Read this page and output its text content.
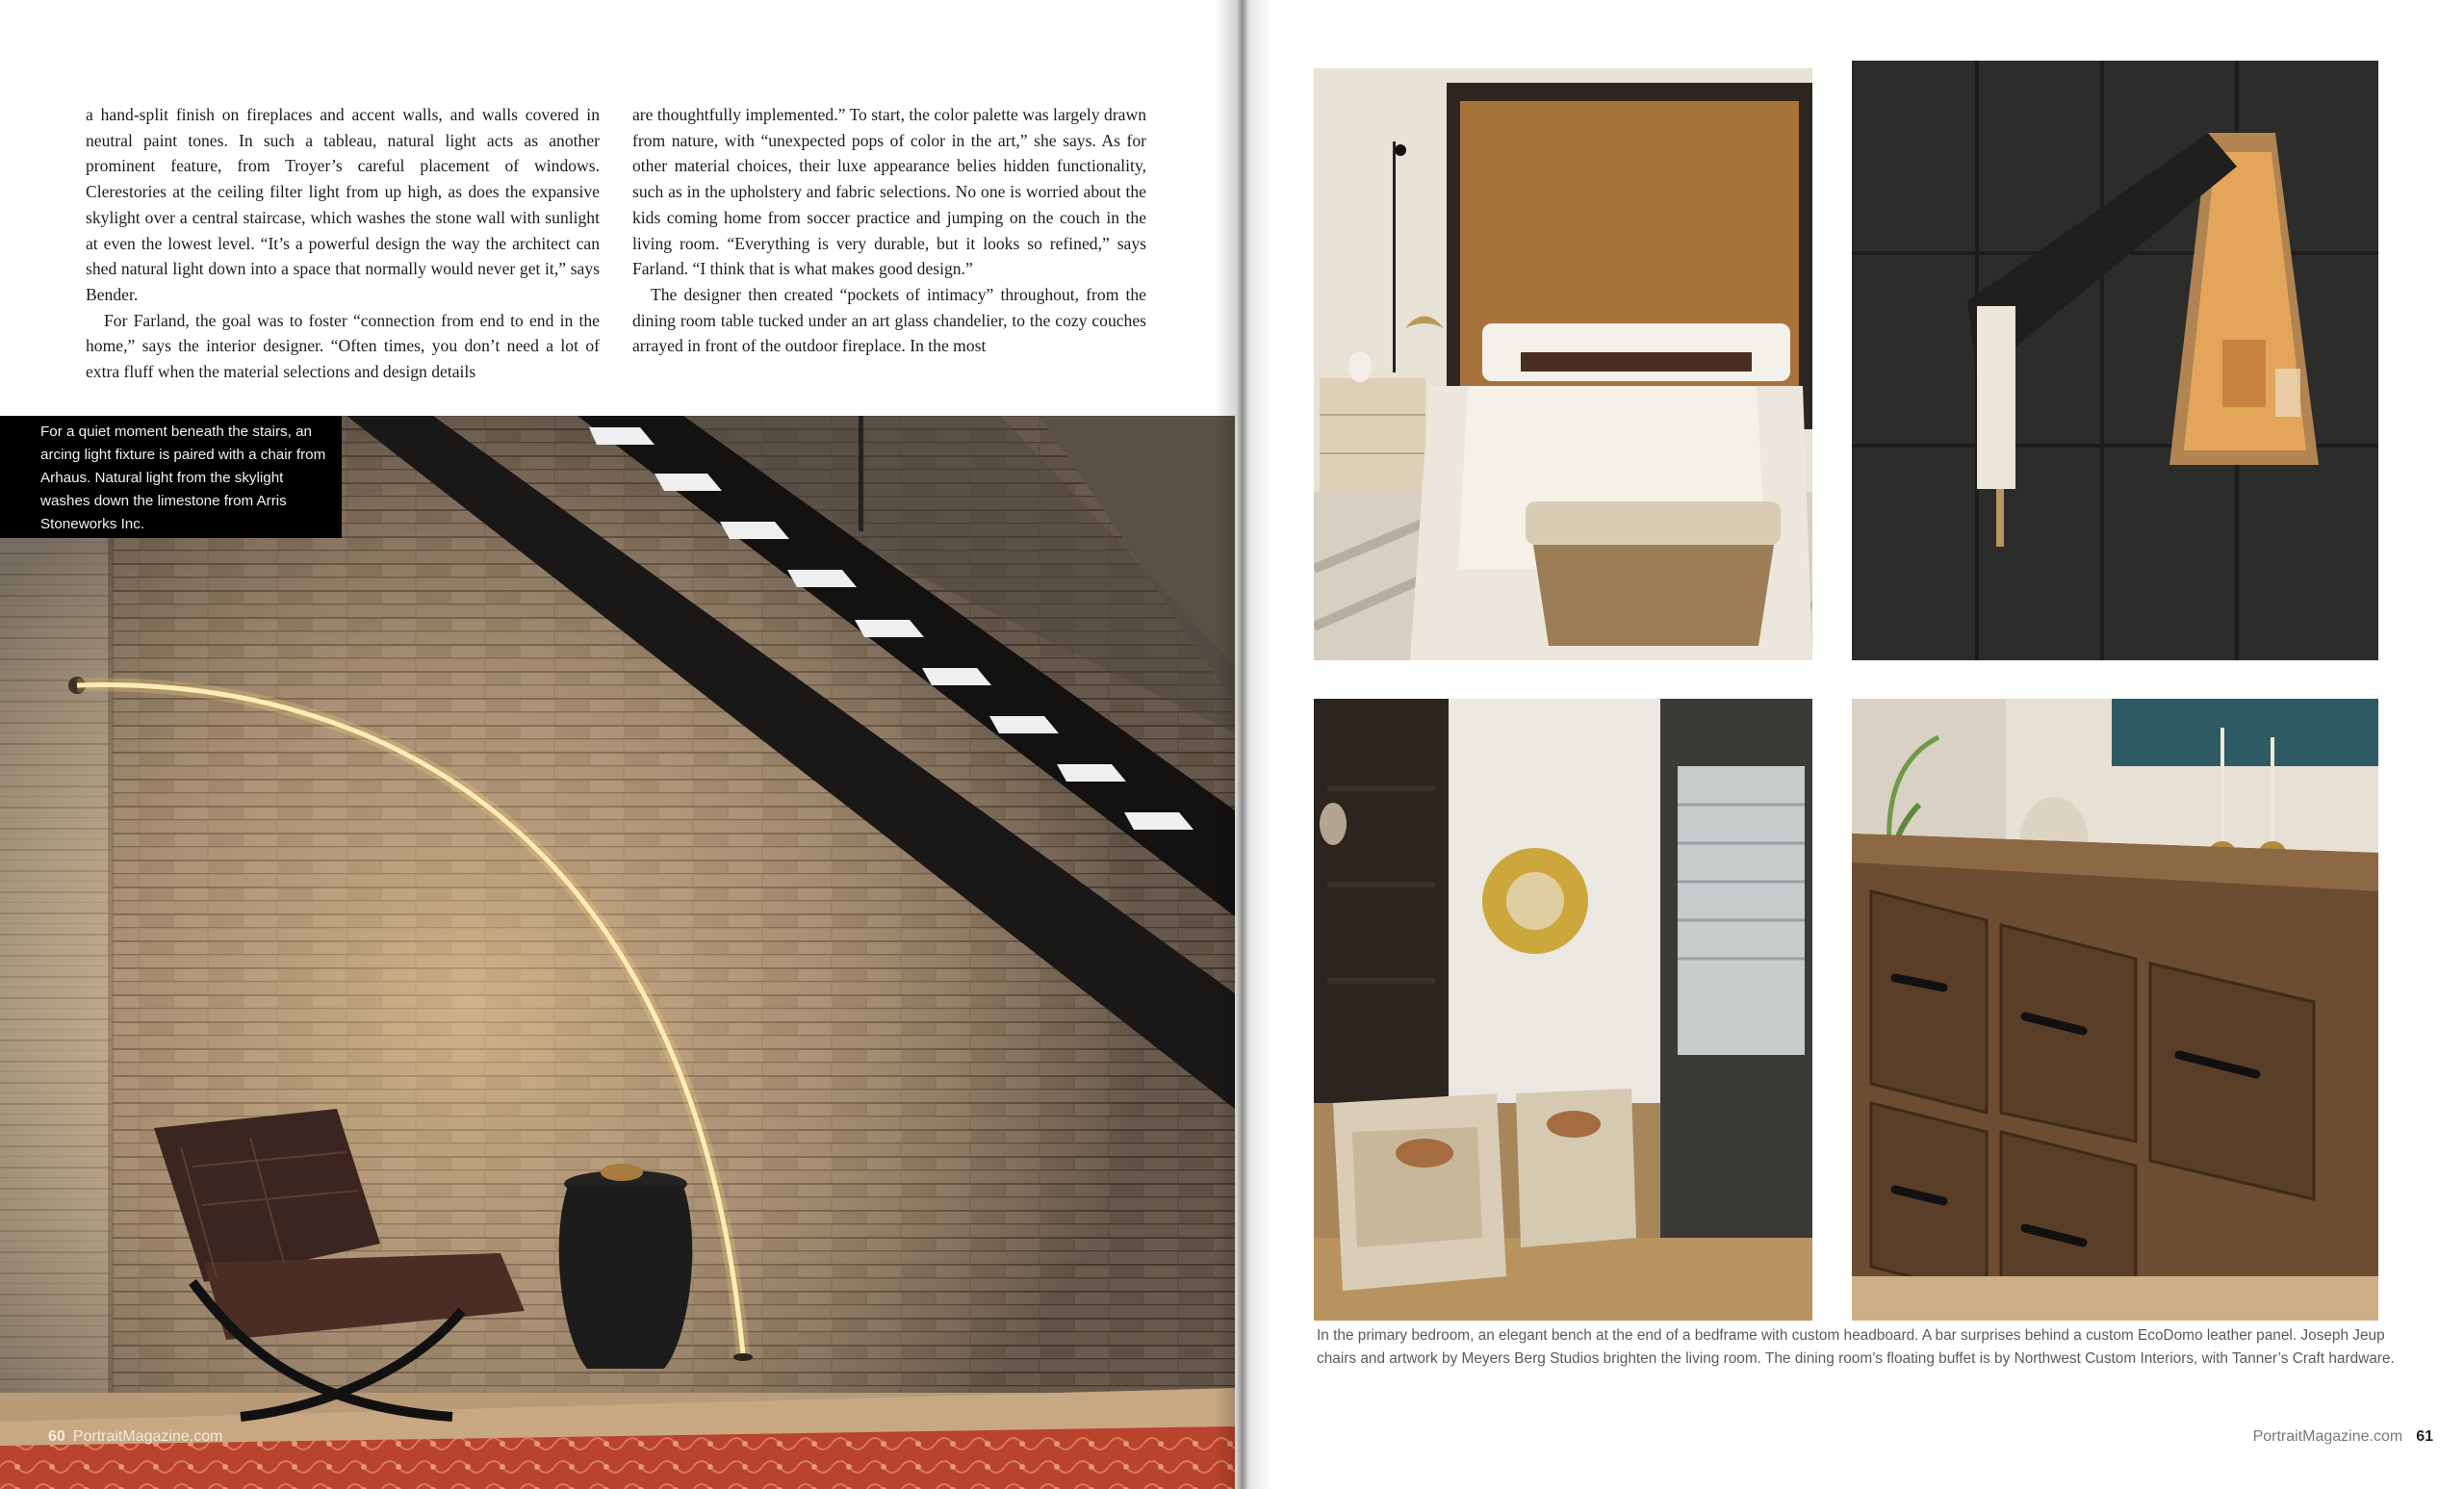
a hand-split finish on fireplaces and accent walls, and walls covered in neutral paint tones. In such a tableau, natural light acts as another prominent feature, from Troyer’s careful placement of windows. Clerestories at the ceiling filter light from up high, as does the expansive skylight over a central staircase, which washes the stone wall with sunlight at even the lowest level. “It’s a powerful design the way the architect can shed natural light down into a space that normally would never get it,” says Bender.

For Farland, the goal was to foster “connection from end to end in the home,” says the interior designer. “Often times, you don’t need a lot of extra fluff when the material selections and design details

are thoughtfully implemented.” To start, the color palette was largely drawn from nature, with “unexpected pops of color in the art,” she says. As for other material choices, their luxe appearance belies hidden functionality, such as in the upholstery and fabric selections. No one is worried about the kids coming home from soccer practice and jumping on the couch in the living room. “Everything is very durable, but it looks so refined,” says Farland. “I think that is what makes good design.”

The designer then created “pockets of intimacy” throughout, from the dining room table tucked under an art glass chandelier, to the cozy couches arrayed in front of the outdoor fireplace. In the most

For a quiet moment beneath the stairs, an arcing light fixture is paired with a chair from Arhaus. Natural light from the skylight washes down the limestone from Arris Stoneworks Inc.
60 PortraitMagazine.com
In the primary bedroom, an elegant bench at the end of a bedframe with custom headboard. A bar surprises behind a custom EcoDomo leather panel. Joseph Jeup chairs and artwork by Meyers Berg Studios brighten the living room. The dining room’s floating buffet is by Northwest Custom Interiors, with Tanner’s Craft hardware.
PortraitMagazine.com 61
